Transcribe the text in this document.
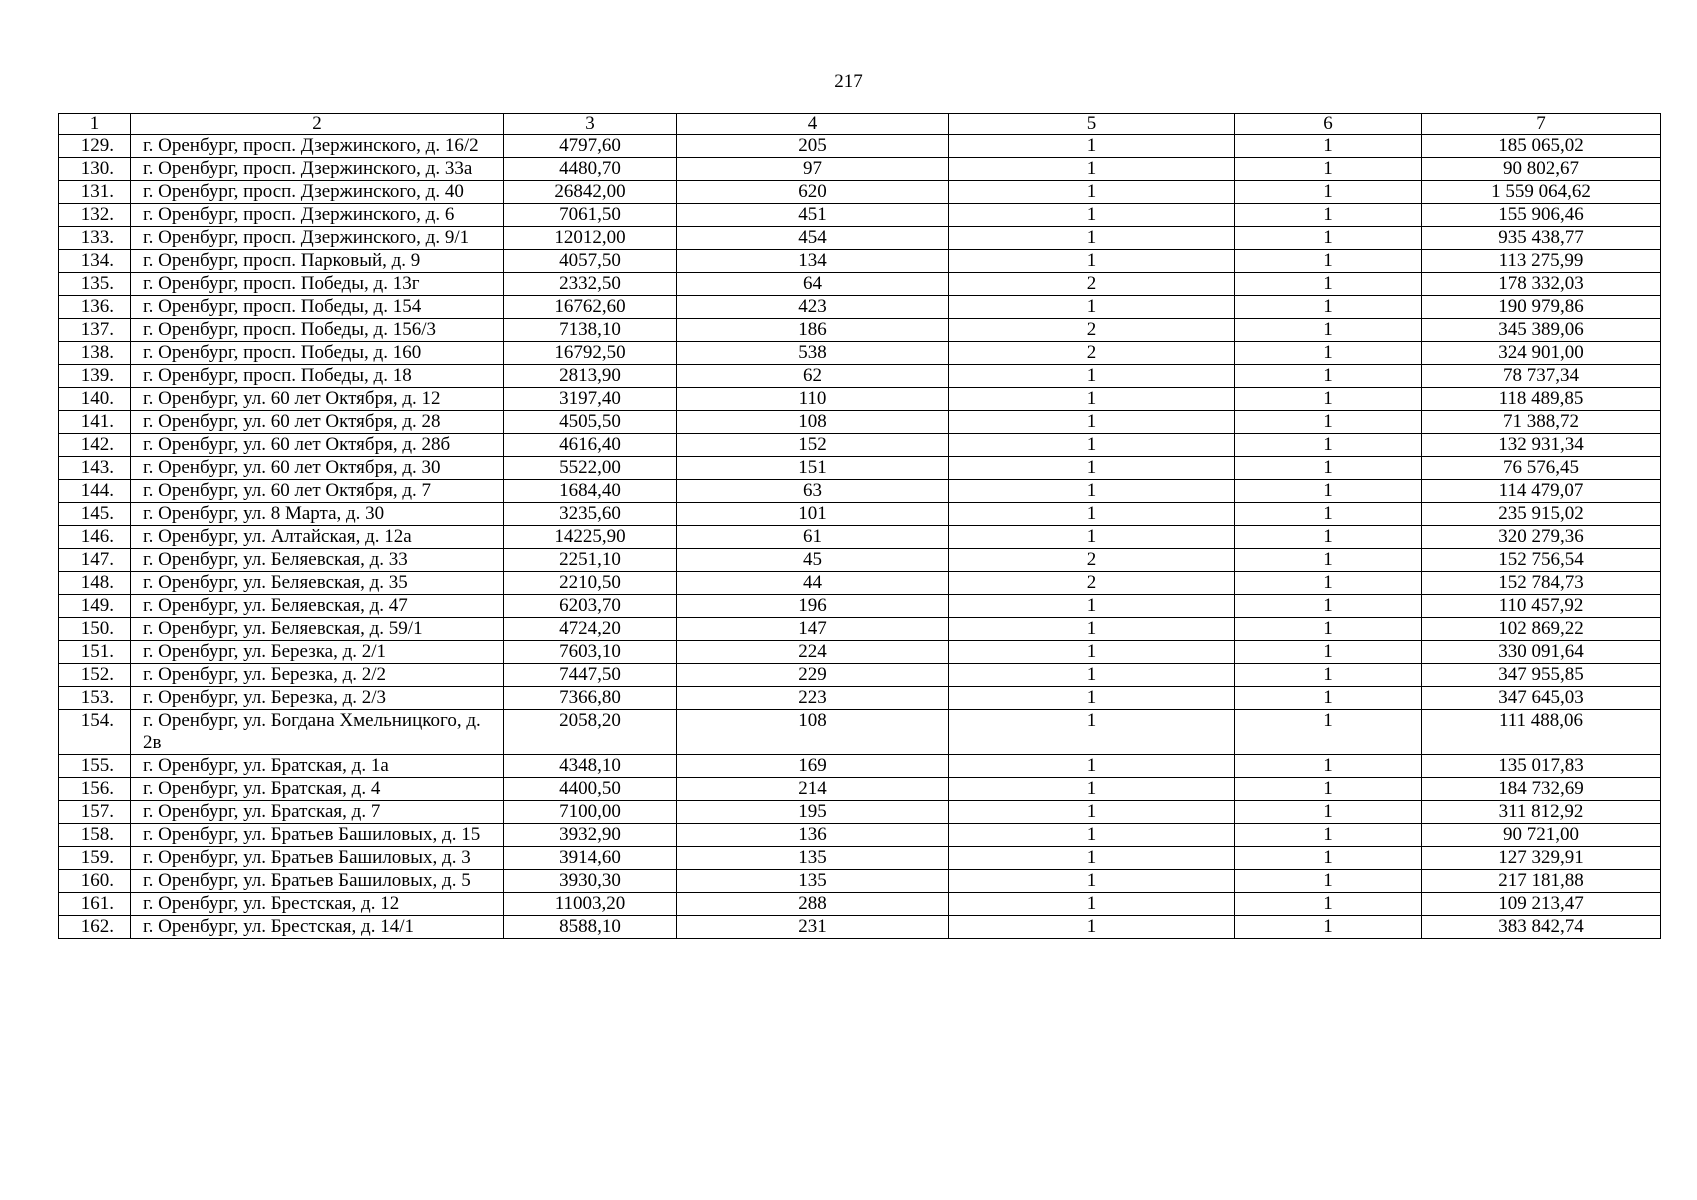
217
1	2	3	4	5	6	7
129.	г. Оренбург, просп. Дзержинского, д. 16/2	4797,60	205	1	1	185 065,02
130.	г. Оренбург, просп. Дзержинского, д. 33а	4480,70	97	1	1	90 802,67
131.	г. Оренбург, просп. Дзержинского, д. 40	26842,00	620	1	1	1 559 064,62
132.	г. Оренбург, просп. Дзержинского, д. 6	7061,50	451	1	1	155 906,46
133.	г. Оренбург, просп. Дзержинского, д. 9/1	12012,00	454	1	1	935 438,77
134.	г. Оренбург, просп. Парковый, д. 9	4057,50	134	1	1	113 275,99
135.	г. Оренбург, просп. Победы, д. 13г	2332,50	64	2	1	178 332,03
136.	г. Оренбург, просп. Победы, д. 154	16762,60	423	1	1	190 979,86
137.	г. Оренбург, просп. Победы, д. 156/3	7138,10	186	2	1	345 389,06
138.	г. Оренбург, просп. Победы, д. 160	16792,50	538	2	1	324 901,00
139.	г. Оренбург, просп. Победы, д. 18	2813,90	62	1	1	78 737,34
140.	г. Оренбург, ул. 60 лет Октября, д. 12	3197,40	110	1	1	118 489,85
141.	г. Оренбург, ул. 60 лет Октября, д. 28	4505,50	108	1	1	71 388,72
142.	г. Оренбург, ул. 60 лет Октября, д. 28б	4616,40	152	1	1	132 931,34
143.	г. Оренбург, ул. 60 лет Октября, д. 30	5522,00	151	1	1	76 576,45
144.	г. Оренбург, ул. 60 лет Октября, д. 7	1684,40	63	1	1	114 479,07
145.	г. Оренбург, ул. 8 Марта, д. 30	3235,60	101	1	1	235 915,02
146.	г. Оренбург, ул. Алтайская, д. 12а	14225,90	61	1	1	320 279,36
147.	г. Оренбург, ул. Беляевская, д. 33	2251,10	45	2	1	152 756,54
148.	г. Оренбург, ул. Беляевская, д. 35	2210,50	44	2	1	152 784,73
149.	г. Оренбург, ул. Беляевская, д. 47	6203,70	196	1	1	110 457,92
150.	г. Оренбург, ул. Беляевская, д. 59/1	4724,20	147	1	1	102 869,22
151.	г. Оренбург, ул. Березка, д. 2/1	7603,10	224	1	1	330 091,64
152.	г. Оренбург, ул. Березка, д. 2/2	7447,50	229	1	1	347 955,85
153.	г. Оренбург, ул. Березка, д. 2/3	7366,80	223	1	1	347 645,03
154.	г. Оренбург, ул. Богдана Хмельницкого, д. 2в	2058,20	108	1	1	111 488,06
155.	г. Оренбург, ул. Братская, д. 1а	4348,10	169	1	1	135 017,83
156.	г. Оренбург, ул. Братская, д. 4	4400,50	214	1	1	184 732,69
157.	г. Оренбург, ул. Братская, д. 7	7100,00	195	1	1	311 812,92
158.	г. Оренбург, ул. Братьев Башиловых, д. 15	3932,90	136	1	1	90 721,00
159.	г. Оренбург, ул. Братьев Башиловых, д. 3	3914,60	135	1	1	127 329,91
160.	г. Оренбург, ул. Братьев Башиловых, д. 5	3930,30	135	1	1	217 181,88
161.	г. Оренбург, ул. Брестская, д. 12	11003,20	288	1	1	109 213,47
162.	г. Оренбург, ул. Брестская, д. 14/1	8588,10	231	1	1	383 842,74
